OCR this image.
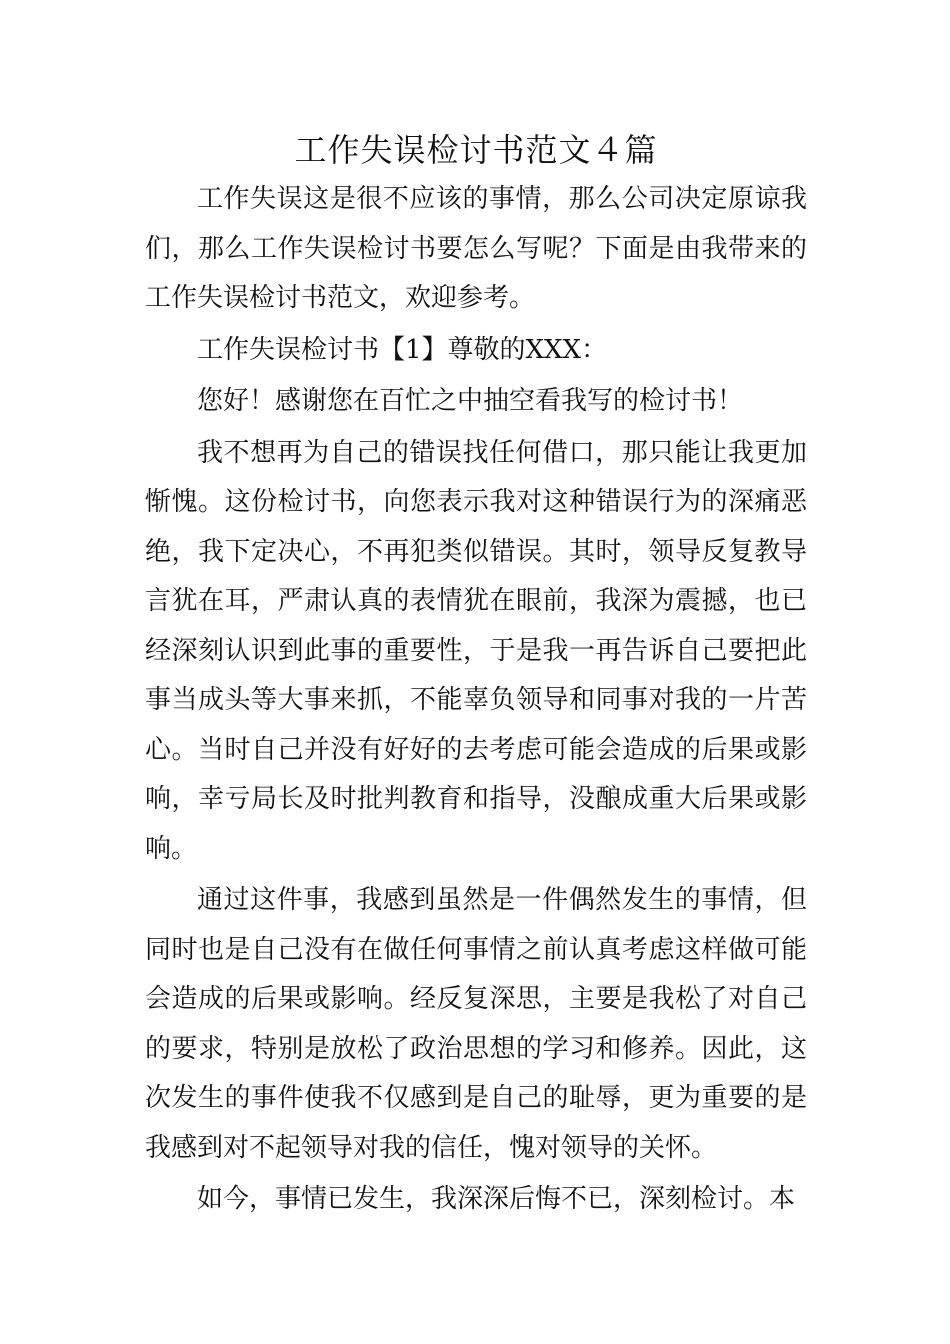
工作失误检讨书范文４篇

工作失误这是很不应该的事情，那么公司决定原谅我们，那么工作失误检讨书要怎么写呢？下面是由我带来的工作失误检讨书范文，欢迎参考。

工作失误检讨书【1】尊敬的XXX：

您好！感谢您在百忙之中抽空看我写的检讨书！

我不想再为自己的错误找任何借口，那只能让我更加惭愧。这份检讨书，向您表示我对这种错误行为的深痛恶绝，我下定决心，不再犯类似错误。其时，领导反复教导言犹在耳，严肃认真的表情犹在眼前，我深为震撼，也已经深刻认识到此事的重要性，于是我一再告诉自己要把此事当成头等大事来抓，不能辜负领导和同事对我的一片苦心。当时自己并没有好好的去考虑可能会造成的后果或影响，幸亏局长及时批判教育和指导，没酿成重大后果或影响。

通过这件事，我感到虽然是一件偶然发生的事情，但同时也是自己没有在做任何事情之前认真考虑这样做可能会造成的后果或影响。经反复深思，主要是我松了对自己的要求，特别是放松了政治思想的学习和修养。因此，这次发生的事件使我不仅感到是自己的耻辱，更为重要的是我感到对不起领导对我的信任，愧对领导的关怀。

如今，事情已发生，我深深后悔不已，深刻检讨。本
